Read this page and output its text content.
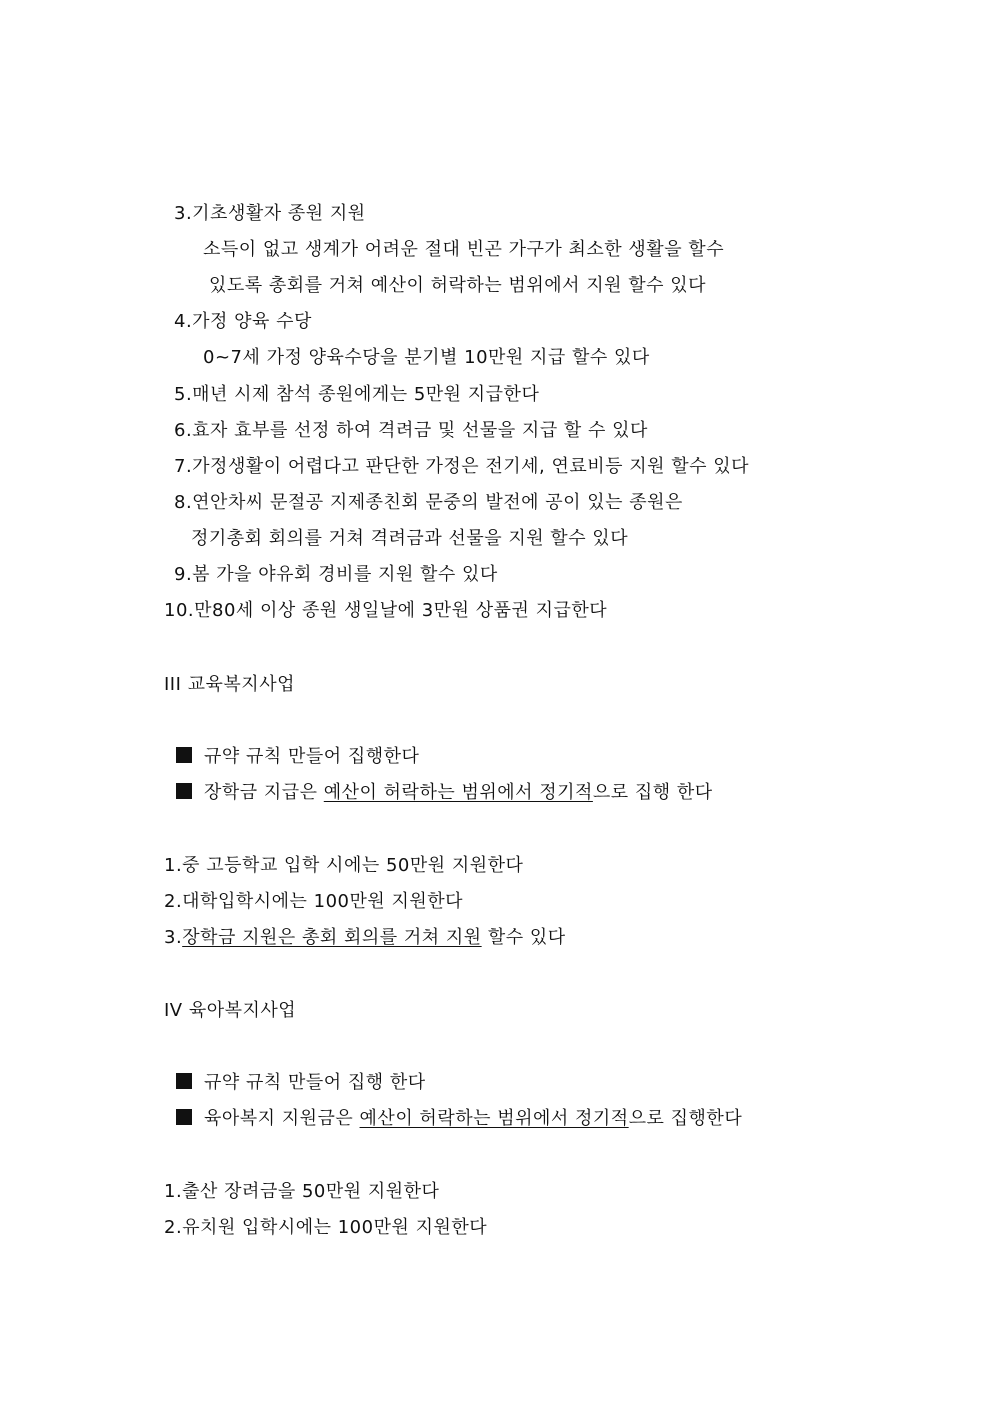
3.기초생활자 종원 지원
소득이 없고 생계가 어려운 절대 빈곤 가구가 최소한 생활을 할수
있도록 총회를 거쳐 예산이 허락하는 범위에서 지원 할수 있다
4.가정 양육 수당
0~7세 가정 양육수당을 분기별 10만원 지급 할수 있다
5.매년 시제 참석 종원에게는 5만원 지급한다
6.효자 효부를 선정 하여 격려금 및 선물을 지급 할 수 있다
7.가정생활이 어렵다고 판단한 가정은 전기세, 연료비등 지원 할수 있다
8.연안차씨 문절공 지제종친회 문중의 발전에 공이 있는 종원은
정기총회 회의를 거쳐 격려금과 선물을 지원 할수 있다
9.봄 가을 야유회 경비를 지원 할수 있다
10.만80세 이상 종원 생일날에 3만원 상품권 지급한다
III 교육복지사업
규약 규칙 만들어 집행한다
장학금 지급은 예산이 허락하는 범위에서 정기적으로 집행 한다
1.중 고등학교 입학 시에는 50만원 지원한다
2.대학입학시에는 100만원 지원한다
3.장학금 지원은 총회 회의를 거쳐 지원 할수 있다
IV 육아복지사업
규약 규칙 만들어 집행 한다
육아복지 지원금은 예산이 허락하는 범위에서 정기적으로 집행한다
1.출산 장려금을 50만원 지원한다
2.유치원 입학시에는 100만원 지원한다
